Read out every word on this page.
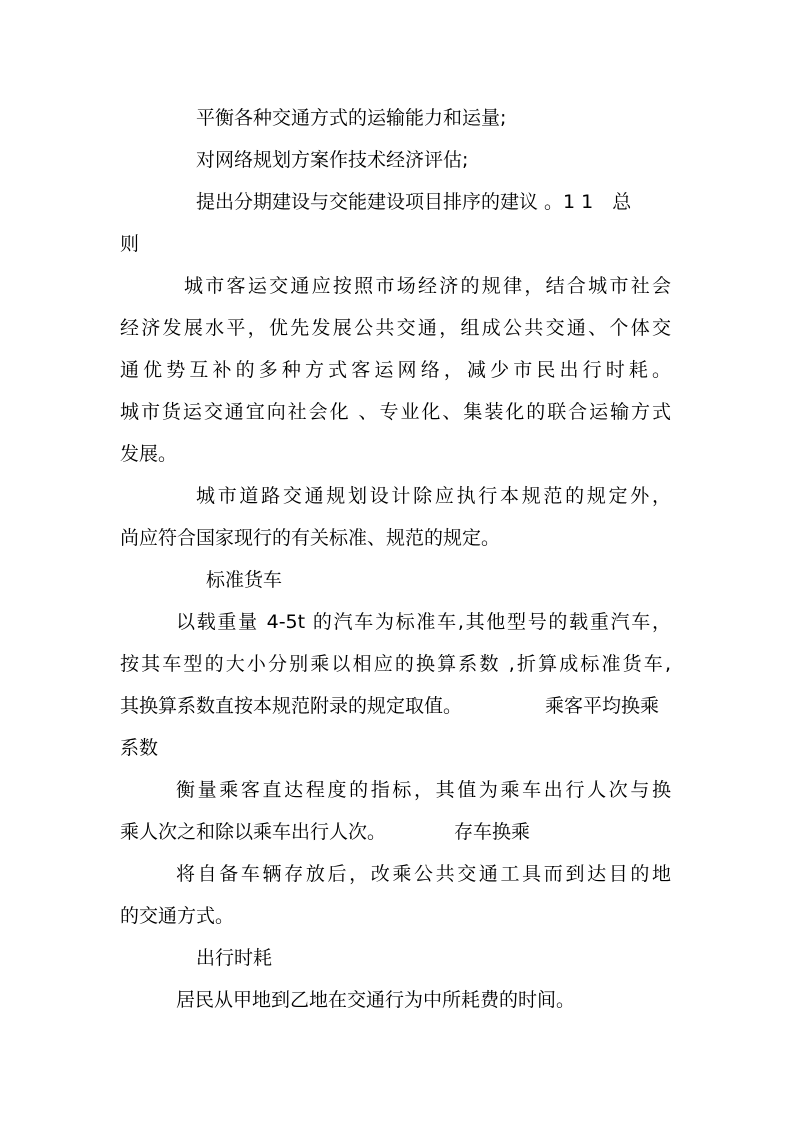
平衡各种交通方式的运输能力和运量;
对网络规划方案作技术经济评估;
提出分期建设与交能建设项目排序的建议 。1 1　总
则
城市客运交通应按照市场经济的规律，结合城市社会
经济发展水平，优先发展公共交通，组成公共交通、个体交
通优势互补的多种方式客运网络，减少市民出行时耗。
城市货运交通宜向社会化 、专业化、集装化的联合运输方式
发展。
城市道路交通规划设计除应执行本规范的规定外，
尚应符合国家现行的有关标准、规范的规定。
标准货车
以载重量 4-5t 的汽车为标准车,其他型号的载重汽车，
按其车型的大小分别乘以相应的换算系数 ,折算成标准货车,
其换算系数直按本规范附录的规定取值。	乘客平均换乘
系数
衡量乘客直达程度的指标，其值为乘车出行人次与换
乘人次之和除以乘车出行人次。	存车换乘
将自备车辆存放后，改乘公共交通工具而到达目的地
的交通方式。
出行时耗
居民从甲地到乙地在交通行为中所耗费的时间。
